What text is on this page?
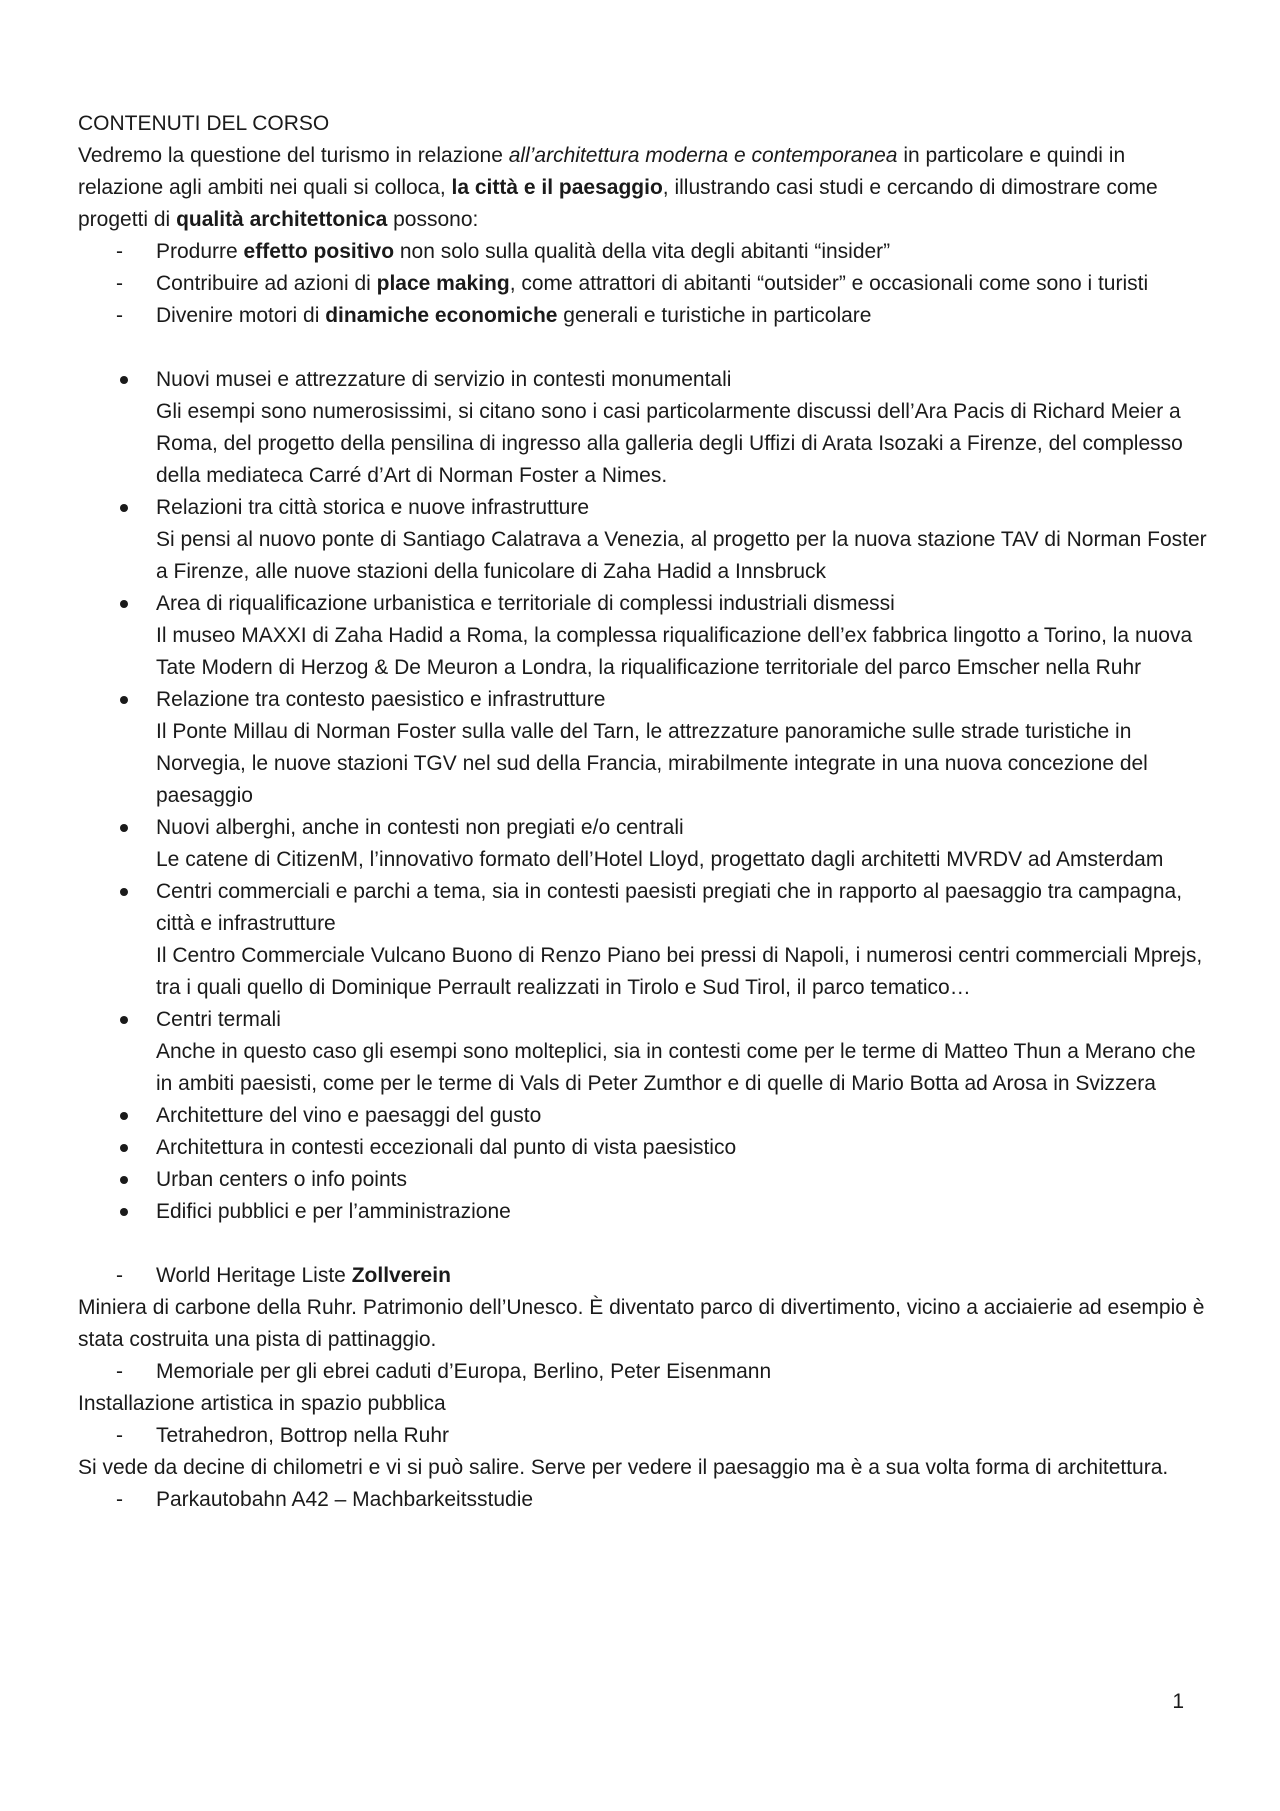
CONTENUTI DEL CORSO

Vedremo la questione del turismo in relazione all’architettura moderna e contemporanea in particolare e quindi in relazione agli ambiti nei quali si colloca, la città e il paesaggio, illustrando casi studi e cercando di dimostrare come progetti di qualità architettonica possono:

- Produrre effetto positivo non solo sulla qualità della vita degli abitanti “insider”
- Contribuire ad azioni di place making, come attrattori di abitanti “outsider” e occasionali come sono i turisti
- Divenire motori di dinamiche economiche generali e turistiche in particolare
Nuovi musei e attrezzature di servizio in contesti monumentali
Gli esempi sono numerosissimi, si citano sono i casi particolarmente discussi dell’Ara Pacis di Richard Meier a Roma, del progetto della pensilina di ingresso alla galleria degli Uffizi di Arata Isozaki a Firenze, del complesso della mediateca Carré d’Art di Norman Foster a Nimes.
Relazioni tra città storica e nuove infrastrutture
Si pensi al nuovo ponte di Santiago Calatrava a Venezia, al progetto per la nuova stazione TAV di Norman Foster a Firenze, alle nuove stazioni della funicolare di Zaha Hadid a Innsbruck
Area di riqualificazione urbanistica e territoriale di complessi industriali dismessi
Il museo MAXXI di Zaha Hadid a Roma, la complessa riqualificazione dell’ex fabbrica lingotto a Torino, la nuova Tate Modern di Herzog & De Meuron a Londra, la riqualificazione territoriale del parco Emscher nella Ruhr
Relazione tra contesto paesistico e infrastrutture
Il Ponte Millau di Norman Foster sulla valle del Tarn, le attrezzature panoramiche sulle strade turistiche in Norvegia, le nuove stazioni TGV nel sud della Francia, mirabilmente integrate in una nuova concezione del paesaggio
Nuovi alberghi, anche in contesti non pregiati e/o centrali
Le catene di CitizenM, l’innovativo formato dell’Hotel Lloyd, progettato dagli architetti MVRDV ad Amsterdam
Centri commerciali e parchi a tema, sia in contesti paesisti pregiati che in rapporto al paesaggio tra campagna, città e infrastrutture
Il Centro Commerciale Vulcano Buono di Renzo Piano bei pressi di Napoli, i numerosi centri commerciali Mprejs, tra i quali quello di Dominique Perrault realizzati in Tirolo e Sud Tirol, il parco tematico…
Centri termali
Anche in questo caso gli esempi sono molteplici, sia in contesti come per le terme di Matteo Thun a Merano che in ambiti paesisti, come per le terme di Vals di Peter Zumthor e di quelle di Mario Botta ad Arosa in Svizzera
Architetture del vino e paesaggi del gusto
Architettura in contesti eccezionali dal punto di vista paesistico
Urban centers o info points
Edifici pubblici e per l’amministrazione
- World Heritage Liste Zollverein

Miniera di carbone della Ruhr. Patrimonio dell’Unesco. È diventato parco di divertimento, vicino a acciaierie ad esempio è stata costruita una pista di pattinaggio.

- Memoriale per gli ebrei caduti d’Europa, Berlino, Peter Eisenmann

Installazione artistica in spazio pubblica

- Tetrahedron, Bottrop nella Ruhr

Si vede da decine di chilometri e vi si può salire. Serve per vedere il paesaggio ma è a sua volta forma di architettura.

- Parkautobahn A42 – Machbarkeitsstudie
1
